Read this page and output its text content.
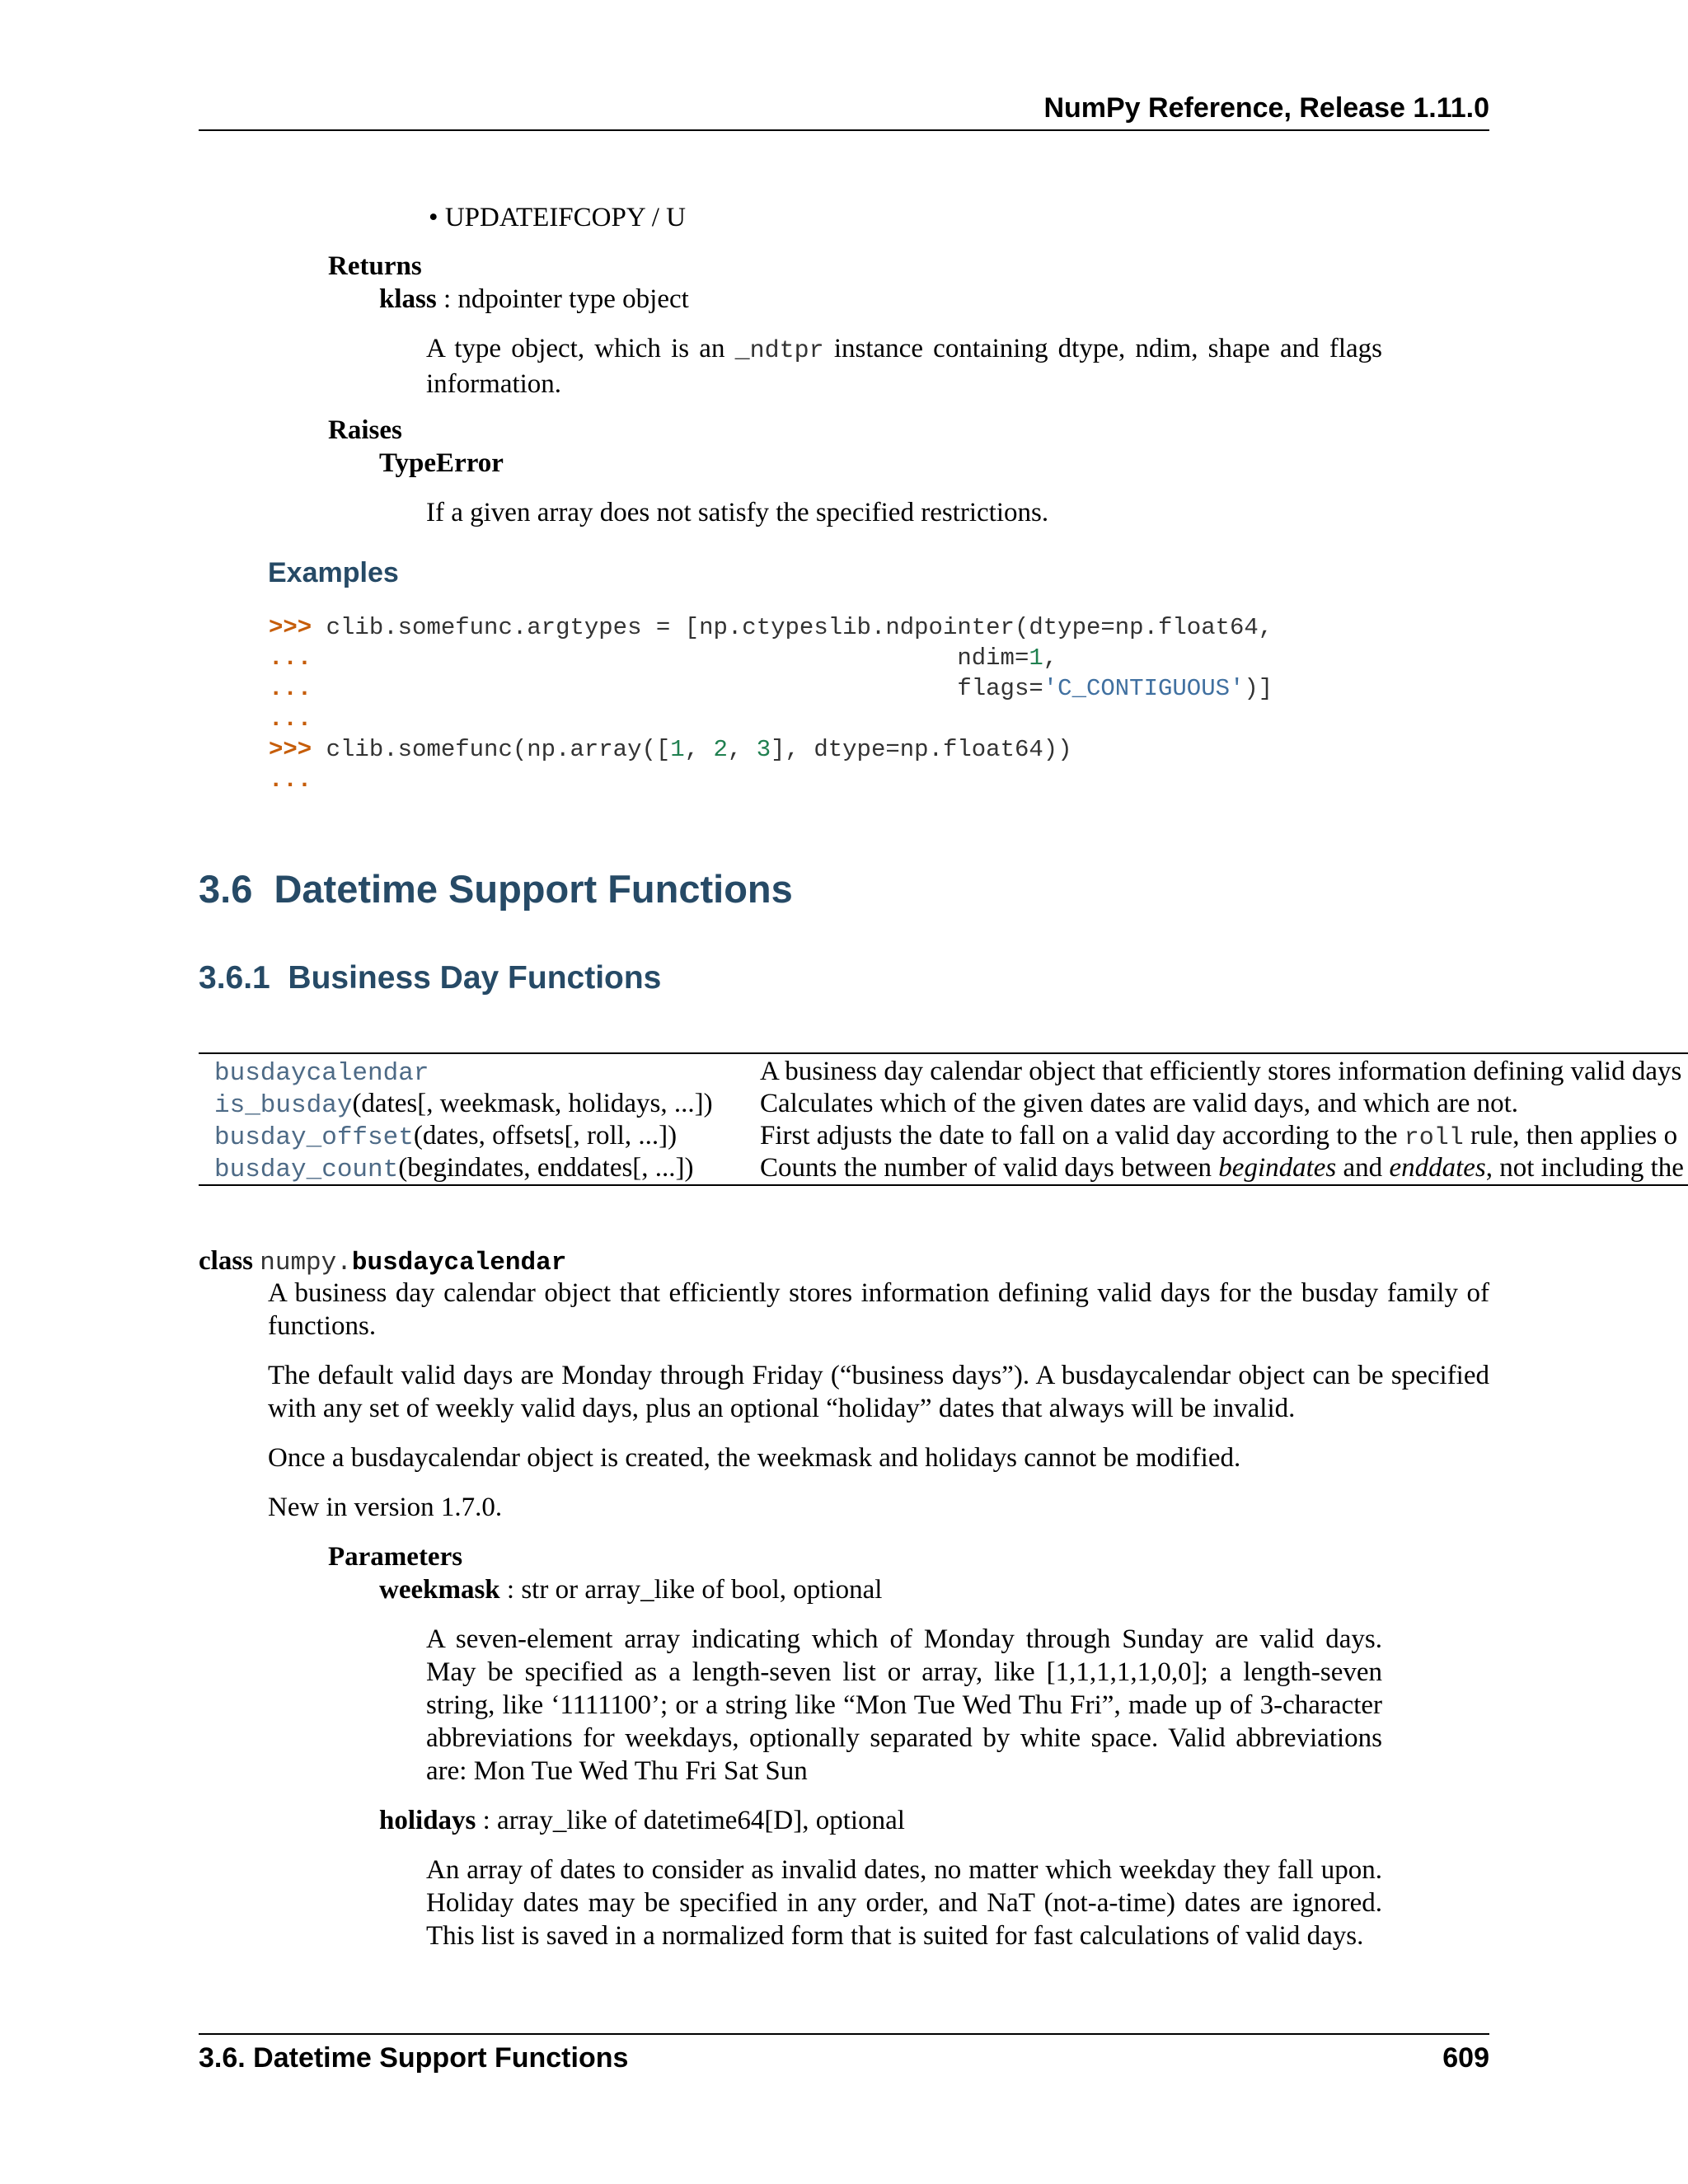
NumPy Reference, Release 1.11.0
• UPDATEIFCOPY / U
Returns
klass : ndpointer type object
A type object, which is an _ndtpr instance containing dtype, ndim, shape and flags information.
Raises
TypeError
If a given array does not satisfy the specified restrictions.
Examples
>>> clib.somefunc.argtypes = [np.ctypeslib.ndpointer(dtype=np.float64,
...                                             ndim=1,
...                                             flags='C_CONTIGUOUS')]
...
>>> clib.somefunc(np.array([1, 2, 3], dtype=np.float64))
...
3.6 Datetime Support Functions
3.6.1 Business Day Functions
busdaycalendar	A business day calendar object that efficiently stores information defining valid days
is_busday(dates[, weekmask, holidays, ...]) Calculates which of the given dates are valid days, and which are not.
busday_offset(dates, offsets[, roll, ...])	First adjusts the date to fall on a valid day according to the roll rule, then applies o
busday_count(begindates, enddates[, ...]) Counts the number of valid days between begindates and enddates, not including the
class numpy.busdaycalendar
A business day calendar object that efficiently stores information defining valid days for the busday family of functions.
The default valid days are Monday through Friday (“business days”). A busdaycalendar object can be specified with any set of weekly valid days, plus an optional “holiday” dates that always will be invalid.
Once a busdaycalendar object is created, the weekmask and holidays cannot be modified.
New in version 1.7.0.
Parameters
weekmask : str or array_like of bool, optional
A seven-element array indicating which of Monday through Sunday are valid days. May be specified as a length-seven list or array, like [1,1,1,1,1,0,0]; a length-seven string, like ‘1111100’; or a string like “Mon Tue Wed Thu Fri”, made up of 3-character abbreviations for weekdays, optionally separated by white space. Valid abbreviations are: Mon Tue Wed Thu Fri Sat Sun
holidays : array_like of datetime64[D], optional
An array of dates to consider as invalid dates, no matter which weekday they fall upon. Holiday dates may be specified in any order, and NaT (not-a-time) dates are ignored. This list is saved in a normalized form that is suited for fast calculations of valid days.
3.6. Datetime Support Functions	609
